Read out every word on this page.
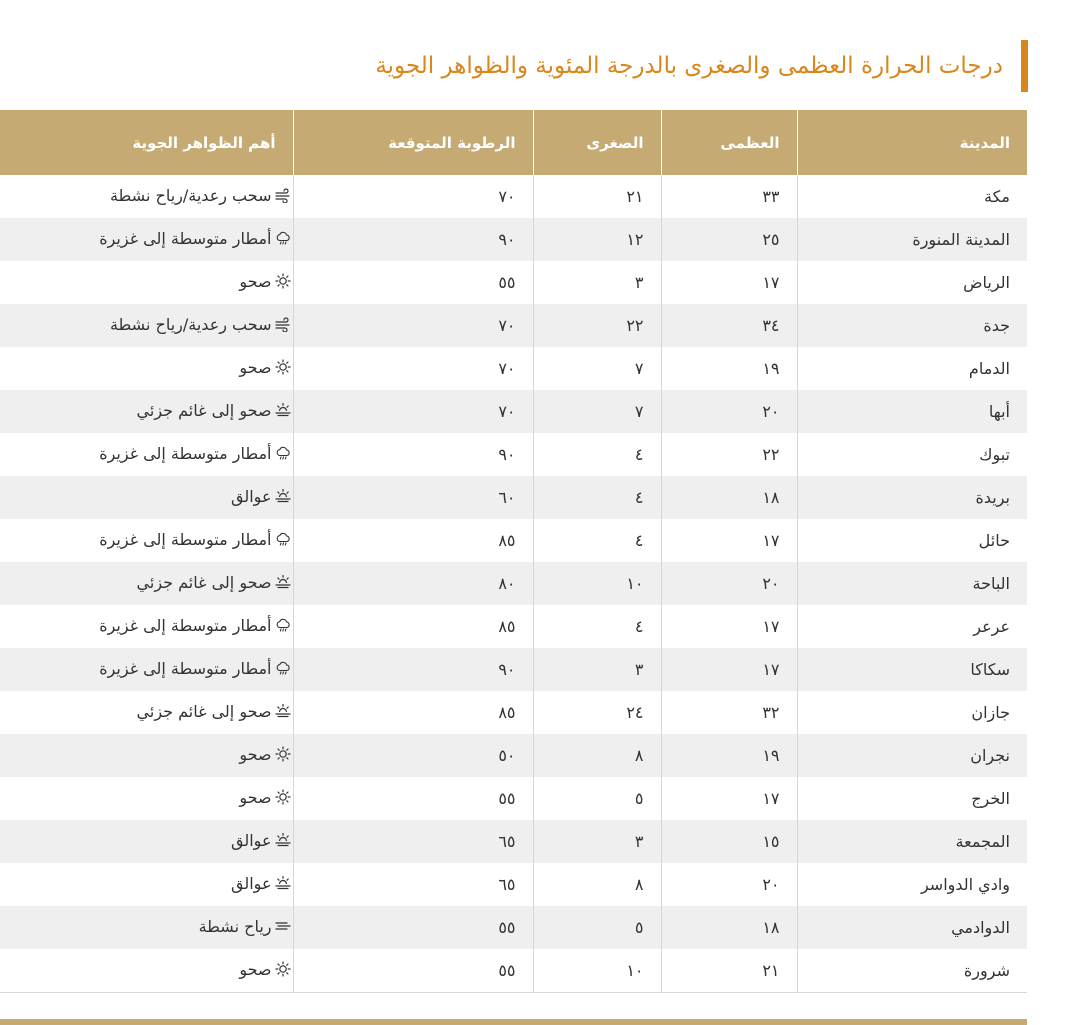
درجات الحرارة العظمى والصغرى بالدرجة المئوية والظواهر الجوية
المدينة	العظمى	الصغرى	الرطوبة المتوقعة	أهم الظواهر الجوية
مكة	٣٣	٢١	٧٠	سحب رعدية/رياح نشطة

المدينة المنورة	٢٥	١٢	٩٠	أمطار متوسطة إلى غزيرة

الرياض	١٧	٣	٥٥	صحو

جدة	٣٤	٢٢	٧٠	سحب رعدية/رياح نشطة

الدمام	١٩	٧	٧٠	صحو

أبها	٢٠	٧	٧٠	صحو إلى غائم جزئي

تبوك	٢٢	٤	٩٠	أمطار متوسطة إلى غزيرة

بريدة	١٨	٤	٦٠	عوالق

حائل	١٧	٤	٨٥	أمطار متوسطة إلى غزيرة

الباحة	٢٠	١٠	٨٠	صحو إلى غائم جزئي

عرعر	١٧	٤	٨٥	أمطار متوسطة إلى غزيرة

سكاكا	١٧	٣	٩٠	أمطار متوسطة إلى غزيرة

جازان	٣٢	٢٤	٨٥	صحو إلى غائم جزئي

نجران	١٩	٨	٥٠	صحو

الخرج	١٧	٥	٥٥	صحو

المجمعة	١٥	٣	٦٥	عوالق

وادي الدواسر	٢٠	٨	٦٥	عوالق

الدوادمي	١٨	٥	٥٥	رياح نشطة

شرورة	٢١	١٠	٥٥	صحو
